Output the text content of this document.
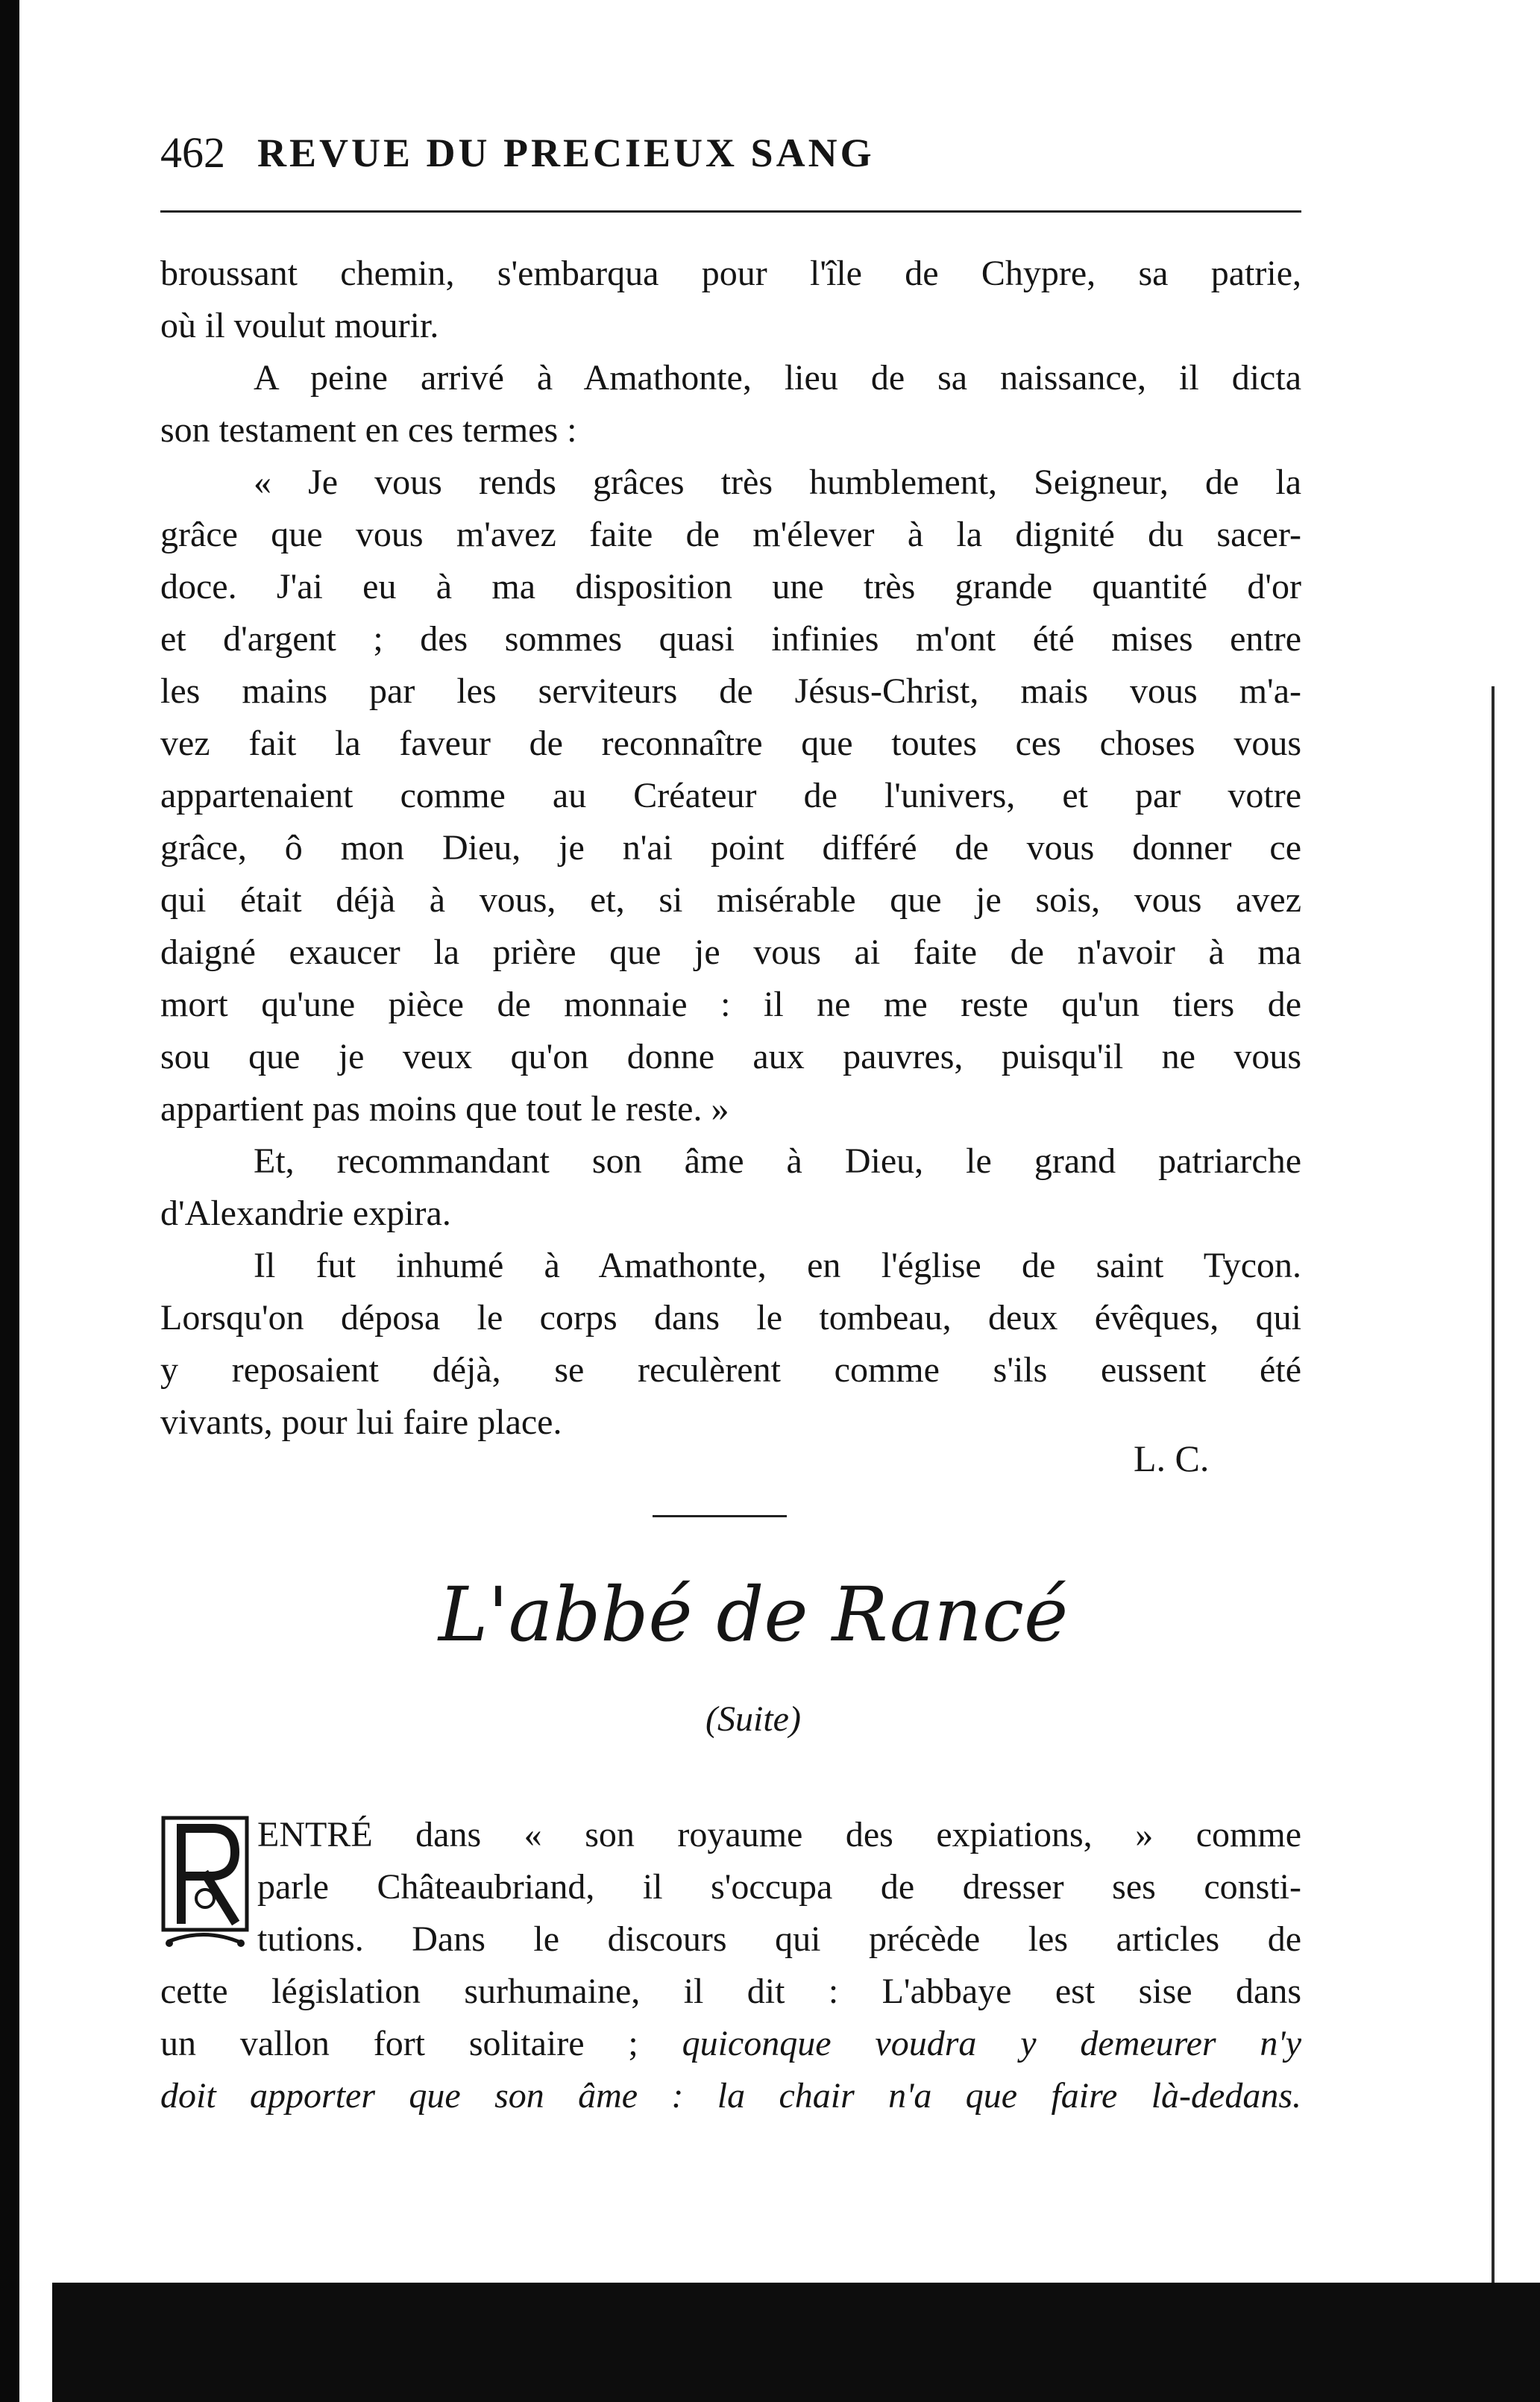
462 REVUE DU PRECIEUX SANG
broussant chemin, s'embarqua pour l'île de Chypre, sa patrie,
où il voulut mourir.
A peine arrivé à Amathonte, lieu de sa naissance, il dicta
son testament en ces termes :
« Je vous rends grâces très humblement, Seigneur, de la
grâce que vous m'avez faite de m'élever à la dignité du sacer-
doce. J'ai eu à ma disposition une très grande quantité d'or
et d'argent ; des sommes quasi infinies m'ont été mises entre
les mains par les serviteurs de Jésus-Christ, mais vous m'a-
vez fait la faveur de reconnaître que toutes ces choses vous
appartenaient comme au Créateur de l'univers, et par votre
grâce, ô mon Dieu, je n'ai point différé de vous donner ce
qui était déjà à vous, et, si misérable que je sois, vous avez
daigné exaucer la prière que je vous ai faite de n'avoir à ma
mort qu'une pièce de monnaie : il ne me reste qu'un tiers de
sou que je veux qu'on donne aux pauvres, puisqu'il ne vous
appartient pas moins que tout le reste. »
Et, recommandant son âme à Dieu, le grand patriarche
d'Alexandrie expira.
Il fut inhumé à Amathonte, en l'église de saint Tycon.
Lorsqu'on déposa le corps dans le tombeau, deux évêques, qui
y reposaient déjà, se reculèrent comme s'ils eussent été
vivants, pour lui faire place.
L. C.
L'abbé de Rancé
(Suite)
ENTRÉ dans « son royaume des expiations, » comme
parle Châteaubriand, il s'occupa de dresser ses consti-
tutions. Dans le discours qui précède les articles de
cette législation surhumaine, il dit : L'abbaye est sise dans
un vallon fort solitaire ; quiconque voudra y demeurer n'y
doit apporter que son âme : la chair n'a que faire là-dedans.
